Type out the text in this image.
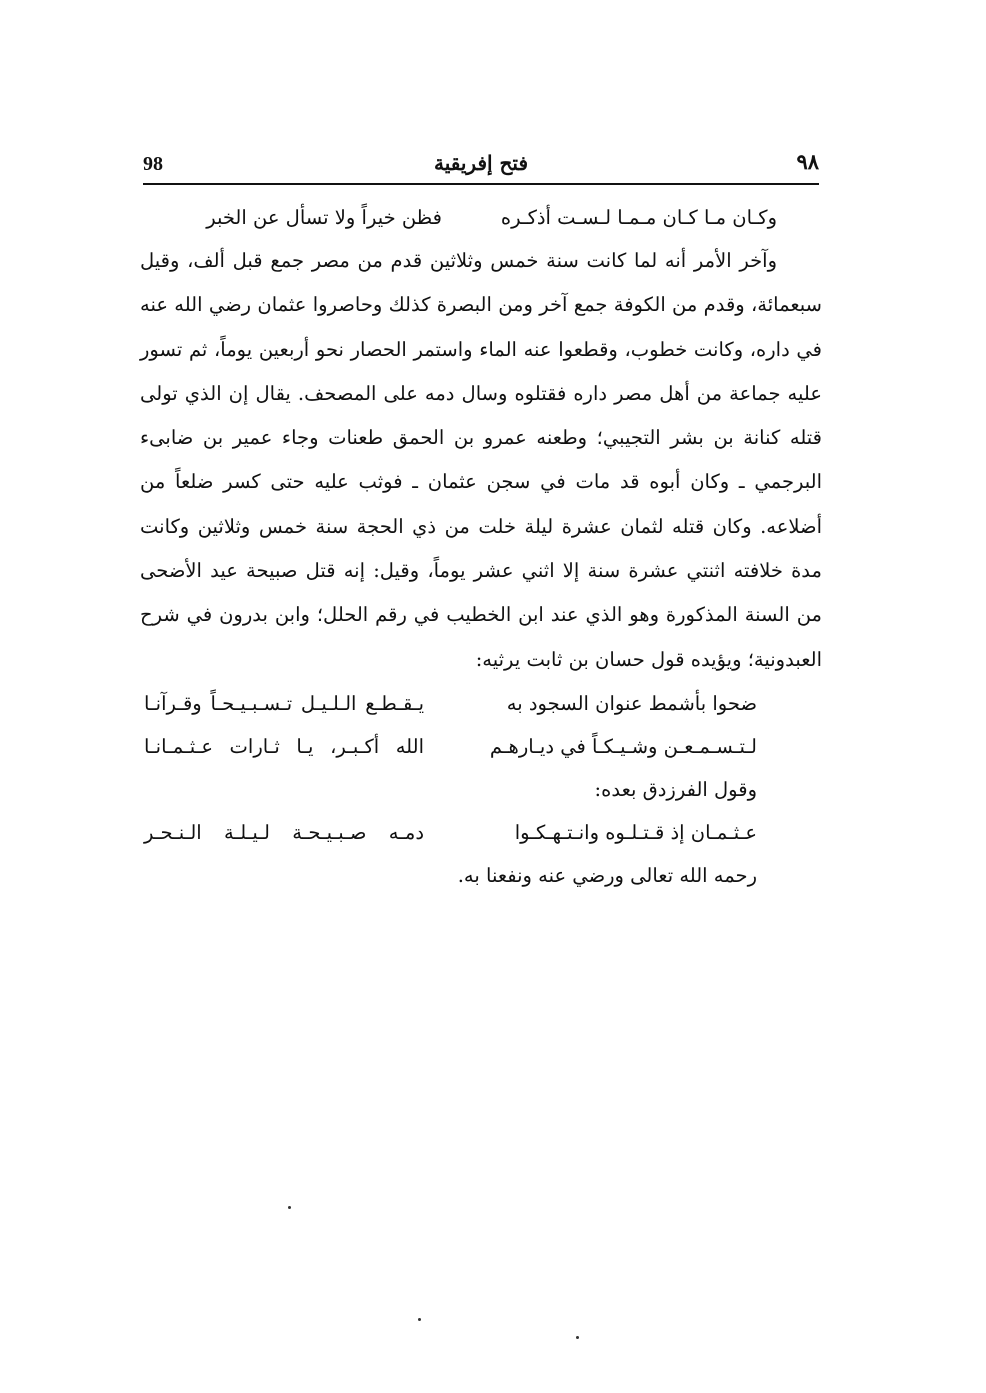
98	فتح إفريقية	٩٨
وكـان مـا كـان مـمـا لـسـت أذكـره
فظن خيراً ولا تسأل عن الخبر

وآخر الأمر أنه لما كانت سنة خمس وثلاثين قدم من مصر جمع قبل ألف، وقيل سبعمائة، وقدم من الكوفة جمع آخر ومن البصرة كذلك وحاصروا عثمان رضي الله عنه في داره، وكانت خطوب، وقطعوا عنه الماء واستمر الحصار نحو أربعين يوماً، ثم تسور عليه جماعة من أهل مصر داره فقتلوه وسال دمه على المصحف. يقال إن الذي تولى قتله كنانة بن بشر التجيبي؛ وطعنه عمرو بن الحمق طعنات وجاء عمير بن ضابىء البرجمي ـ وكان أبوه قد مات في سجن عثمان ـ فوثب عليه حتى كسر ضلعاً من أضلاعه. وكان قتله لثمان عشرة ليلة خلت من ذي الحجة سنة خمس وثلاثين وكانت مدة خلافته اثنتي عشرة سنة إلا اثني عشر يوماً، وقيل: إنه قتل صبيحة عيد الأضحى من السنة المذكورة وهو الذي عند ابن الخطيب في رقم الحلل؛ وابن بدرون في شرح العبدونية؛ ويؤيده قول حسان بن ثابت يرثيه:

ضحوا بأشمط عنوان السجود به
يـقـطـع الـلـيـل تـسـبـيـحـاً وقـرآنـا
لـتـسـمـعـن وشـيـكـاً في ديـارهـم
الله أكـبـر، يـا ثـارات عـثـمـانـا
وقول الفرزدق بعده:
عـثـمـان إذ قـتـلـوه وانـتـهـكـوا
دمـه صـبـيـحـة لـيـلـة الـنـحـر
رحمه الله تعالى ورضي عنه ونفعنا به.
